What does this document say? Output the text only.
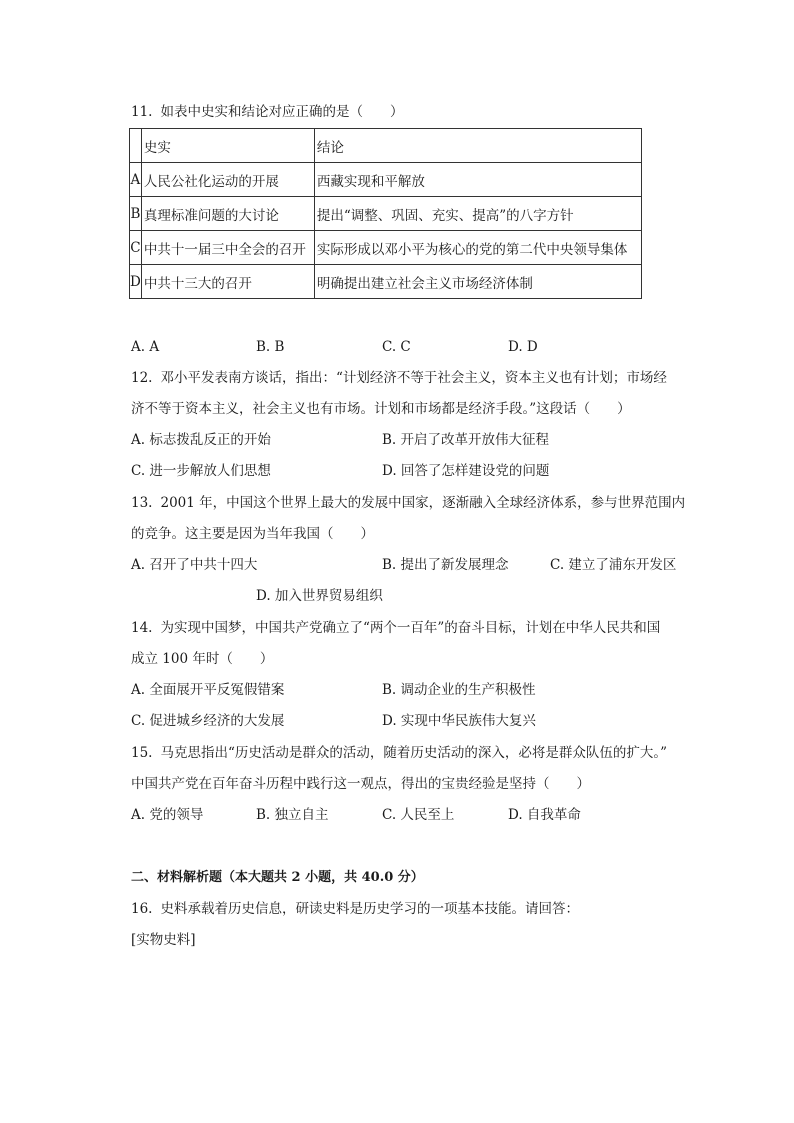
11. 如表中史实和结论对应正确的是（　　）
	史实	结论
A	人民公社化运动的开展	西藏实现和平解放
B	真理标准问题的大讨论	提出“调整、巩固、充实、提高”的八字方针
C	中共十一届三中全会的召开	实际形成以邓小平为核心的党的第二代中央领导集体
D	中共十三大的召开	明确提出建立社会主义市场经济体制
A. A	B. B	C. C	D. D
12. 邓小平发表南方谈话，指出：“计划经济不等于社会主义，资本主义也有计划；市场经
济不等于资本主义，社会主义也有市场。计划和市场都是经济手段。”这段话（　　）
A. 标志拨乱反正的开始	B. 开启了改革开放伟大征程
C. 进一步解放人们思想	D. 回答了怎样建设党的问题
13. 2001 年，中国这个世界上最大的发展中国家，逐渐融入全球经济体系，参与世界范围内
的竞争。这主要是因为当年我国（　　）
A. 召开了中共十四大	B. 提出了新发展理念	C. 建立了浦东开发区
D. 加入世界贸易组织
14. 为实现中国梦，中国共产党确立了“两个一百年”的奋斗目标，计划在中华人民共和国
成立 100 年时（　　）
A. 全面展开平反冤假错案	B. 调动企业的生产积极性
C. 促进城乡经济的大发展	D. 实现中华民族伟大复兴
15. 马克思指出“历史活动是群众的活动，随着历史活动的深入，必将是群众队伍的扩大。”
中国共产党在百年奋斗历程中践行这一观点，得出的宝贵经验是坚持（　　）
A. 党的领导	B. 独立自主	C. 人民至上	D. 自我革命
二、材料解析题（本大题共 2 小题，共 40.0 分）
16. 史料承载着历史信息，研读史料是历史学习的一项基本技能。请回答：
[实物史料]
